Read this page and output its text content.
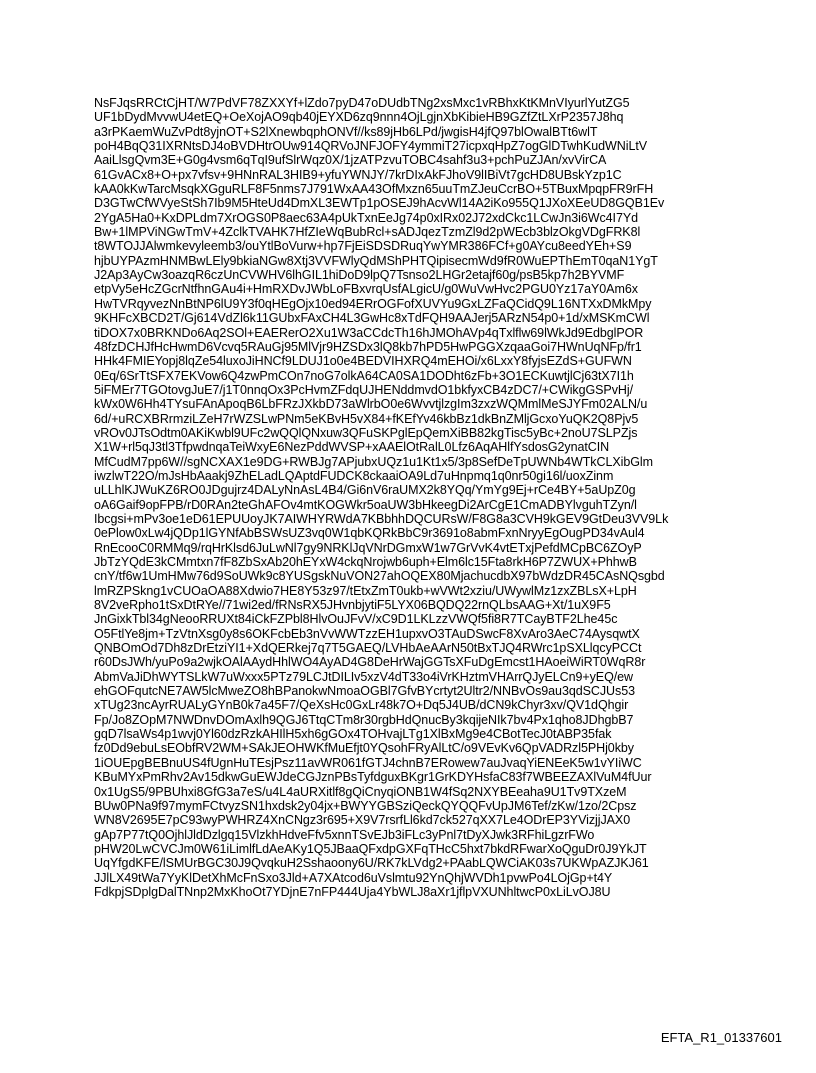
NsFJqsRRCtCjHT/W7PdVF78ZXXYf+lZdo7pyD47oDUdbTNg2xsMxc1vRBhxKtKMnVIyurlYutZG5
UF1bDydMvvwU4etEQ+OeXojAO9qb40jEYXD6zq9nnn4OjLgjnXbKibieHB9GZfZtLXrP2357J8hq
a3rPKaemWuZvPdt8yjnOT+S2lXnewbqphONVf//ks89jHb6LPd/jwgisH4jfQ97blOwalBTt6wlT
poH4BqQ31IXRNtsDJ4oBVDHtrOUw914QRVoJNFJOFY4ymmiT27icpxqHpZ7ogGlDTwhKudWNiLtV
AaiLlsgQvm3E+G0g4vsm6qTqI9ufSlrWqz0X/1jzATPzvuTOBC4sahf3u3+pchPuZJAn/xvVirCA
61GvACx8+O+px7vfsv+9HNnRAL3HIB9+yfuYWNJY/7krDIxAkFJhoV9lIBiVt7gcHD8UBskYzp1C
kAA0kKwTarcMsqkXGguRLF8F5nms7J791WxAA43OfMxzn65uuTmZJeuCcrBO+5TBuxMpqpFR9rFH
D3GTwCfWVyeStSh7Ib9M5HteUd4DmXL3EWTp1pOSEJ9hAcvWl14A2iKo955Q1JXoXEeUD8GQB1Ev
2YgA5Ha0+KxDPLdm7XrOGS0P8aec63A4pUkTxnEeJg74p0xIRx02J72xdCkc1LCwJn3i6Wc4I7Yd
Bw+1lMPViNGwTmV+4ZclkTVAHK7HfZIeWqBubRcl+sADJqezTzmZl9d2pWEcb3blzOkgVDgFRK8l
t8WTOJJAlwmkevyleemb3/ouYtlBoVurw+hp7FjEiSDSDRuqYwYMR386FCf+g0AYcu8eedYEh+S9
hjbUYPAzmHNMBwLEly9bkiaNGw8Xtj3VVFWlyQdMShPHTQipisecmWd9fR0WuEPThEmT0qaN1YgT
J2Ap3AyCw3oazqR6czUnCVWHV6lhGIL1hiDoD9lpQ7Tsnso2LHGr2etajf60g/psB5kp7h2BYVMF
etpVy5eHcZGcrNtfhnGAu4i+HmRXDvJWbLoFBxvrqUsfALgicU/g0WuVwHvc2PGU0Yz17aY0Am6x
HwTVRqyvezNnBtNP6lU9Y3f0qHEgOjx10ed94ERrOGFofXUVYu9GxLZFaQCidQ9L16NTXxDMkMpy
9KHFcXBCD2T/Gj614VdZl6k11GUbxFAxCH4L3GwHc8xTdFQH9AAJerj5ARzN54p0+1d/xMSKmCWl
tiDOX7x0BRKNDo6Aq2SOl+EAERerO2Xu1W3aCCdcTh16hJMOhAVp4qTxlflw69lWkJd9EdbglPOR
48fzDCHJfHcHwmD6Vcvq5RAuGj95MlVjr9HZSDx3lQ8kb7hPD5HwPGGXzqaaGoi7HWnUqNFp/fr1
HHk4FMIEYopj8lqZe54luxoJiHNCf9LDUJ1o0e4BEDVIHXRQ4mEHOi/x6LxxY8fyjsEZdS+GUFWN
0Eq/6SrTtSFX7EKVow6Q4zwPmCOn7noG7olkA64CA0SA1DODht6zFb+3O1ECKuwtjlCj63tX7I1h
5iFMEr7TGOtovgJuE7/j1T0nnqOx3PcHvmZFdqUJHENddmvdO1bkfyxCB4zDC7/+CWikgGSPvHj/
kWx0W6Hh4TYsuFAnApoqB6LbFRzJXkbD73aWlrbO0e6WvvtjlzgIm3zxzWQMmlMeSJYFm02ALN/u
6d/+uRCXBRrmziLZeH7rWZSLwPNm5eKBvH5vX84+fKEfYv46kbBz1dkBnZMljGcxoYuQK2Q8Pjv5
vROv0JTsOdtm0AKiKwbl9UFc2wQQlQNxuw3QFuSKPglEpQemXiBB82kgTisc5yBc+2noU7SLPZjs
X1W+rl5qJ3tl3TfpwdnqaTeiWxyE6NezPddWVSP+xAAElOtRalL0Lfz6AqAHlfYsdosG2ynatCIN
MfCudM7pp6W//sgNCXAX1e9DG+RWBJg7APjubxUQz1u1Kt1x5/3p8SefDeTpUWNb4WTkCLXibGlm
iwzlwT22O/mJsHbAaakj9ZhELadLQAptdFUDCK8ckaaiOA9Ld7uHnpmq1q0nr50gi16l/uoxZinm
uLLhlKJWuKZ6RO0JDgujrz4DALyNnAsL4B4/Gi6nV6raUMX2k8YQq/YmYg9Ej+rCe4BY+5aUpZ0g
oA6Gaif9opFPB/rD0RAn2teGhAFOv4mtKOGWkr5oaUW3bHkeegDi2ArCgE1CmADBYlvguhTZyn/l
Ibcgsi+mPv3oe1eD61EPUUoyJK7AIWHYRWdA7KBbhhDQCURsW/F8G8a3CVH9kGEV9GtDeu3VV9Lk
0ePlow0xLw4jQDp1lGYNfAbBSWsUZ3vq0W1qbKQRkBbC9r3691o8abmFxnNryyEgOugPD34vAul4
RnEcooC0RMMq9/rqHrKlsd6JuLwNl7gy9NRKlJqVNrDGmxW1w7GrVvK4vtETxjPefdMCpBC6ZOyP
JbTzYQdE3kCMmtxn7fF8ZbSxAb20hEYxW4ckqNrojwb6uph+Elm6lc15Fta8rkH6P7ZWUX+PhhwB
cnY/tf6w1UmHMw76d9SoUWk9c8YUSgskNuVON27ahOQEX80MjachucdbX97bWdzDR45CAsNQsgbd
lmRZPSkng1vCUOaOA88Xdwio7HE8Y53z97/tEtxZmT0ukb+wVWt2xziu/UWywlMz1zxZBLsX+LpH
8V2veRpho1tSxDtRYe//71wi2ed/fRNsRX5JHvnbjytiF5LYX06BQDQ22rnQLbsAAG+Xt/1uX9F5
JnGixkTbl34gNeooRRUXt84iCkFZPbl8HlvOuJFvV/xC9D1LKLzzVWQf5fi8R7TCayBTF2Lhe45c
O5FtlYe8jm+TzVtnXsg0y8s6OKFcbEb3nVvWWTzzEH1upxvO3TAuDSwcF8XvAro3AeC74AysqwtX
QNBOmOd7Dh8zDrEtziYI1+XdQERkej7q7T5GAEQ/LVHbAeAArN50tBxTJQ4RWrc1pSXLlqcyPCCt
r60DsJWh/yuPo9a2wjkOAlAAydHhlWO4AyAD4G8DeHrWajGGTsXFuDgEmcst1HAoeiWiRT0WqR8r
AbmVaJiDhWYTSLkW7uWxxx5PTz79LCJtDILIv5xzV4dT33o4iVrKHztmVHArrQJyELCn9+yEQ/ew
ehGOFqutcNE7AW5lcMweZO8hBPanokwNmoaOGBl7GfvBYcrtyt2Ultr2/NNBvOs9au3qdSCJUs53
xTUg23ncAyrRUALyGYnB0k7a45F7/QeXsHc0GxLr48k7O+Dq5J4UB/dCN9kChyr3xv/QV1dQhgir
Fp/Jo8ZOpM7NWDnvDOmAxlh9QGJ6TtqCTm8r30rgbHdQnucBy3kqijeNIk7bv4Px1qho8JDhgbB7
gqD7lsaWs4p1wvj0Yl60dzRzkAHIlH5xh6gGOx4TOHvajLTg1XlBxMg9e4CBotTecJ0tABP35fak
fz0Dd9ebuLsEObfRV2WM+SAkJEOHWKfMuEfjt0YQsohFRyAlLtC/o9VEvKv6QpVADRzl5PHj0kby
1iOUEpgBEBnuUS4fUgnHuTEsjPsz11avWR061fGTJ4chnB7ERowew7auJvaqYiENEeK5w1vYIiWC
KBuMYxPmRhv2Av15dkwGuEWJdeCGJznPBsTyfdguxBKgr1GrKDYHsfaC83f7WBEEZAXlVuM4fUur
0x1UgS5/9PBUhxi8GfG3a7eS/u4L4aURXitlf8gQiCnyqiONB1W4fSq2NXYBEeaha9U1Tv9TXzeM
BUw0PNa9f97mymFCtvyzSN1hxdsk2y04jx+BWYYGBSziQeckQYQQFvUpJM6Tef/zKw/1zo/2Cpsz
WN8V2695E7pC93wyPWHRZ4XnCNgz3r695+X9V7rsrfLl6kd7ck527qXX7Le4ODrEP3YVizjjJAX0
gAp7P77tQ0OjhlJldDzlgq15VlzkhHdveFfv5xnnTSvEJb3iFLc3yPnl7tDyXJwk3RFhiLgzrFWo
pHW20LwCVCJm0W61iLimlfLdAeAKy1Q5JBaaQFxdpGXFqTHcC5hxt7bkdRFwarXoQguDr0J9YkJT
UqYfgdKFE/lSMUrBGC30J9QvqkuH2Sshaoony6U/RK7kLVdg2+PAabLQWCiAK03s7UKWpAZJKJ61
JJlLX49tWa7YyKlDetXhMcFnSxo3Jld+A7XAtcod6uVslmtu92YnQhjWVDh1pvwPo4LOjGp+t4Y
FdkpjSDplgDalTNnp2MxKhoOt7YDjnE7nFP444Uja4YbWLJ8aXr1jflpVXUNhltwcP0xLiLvOJ8U
EFTA_R1_01337601
